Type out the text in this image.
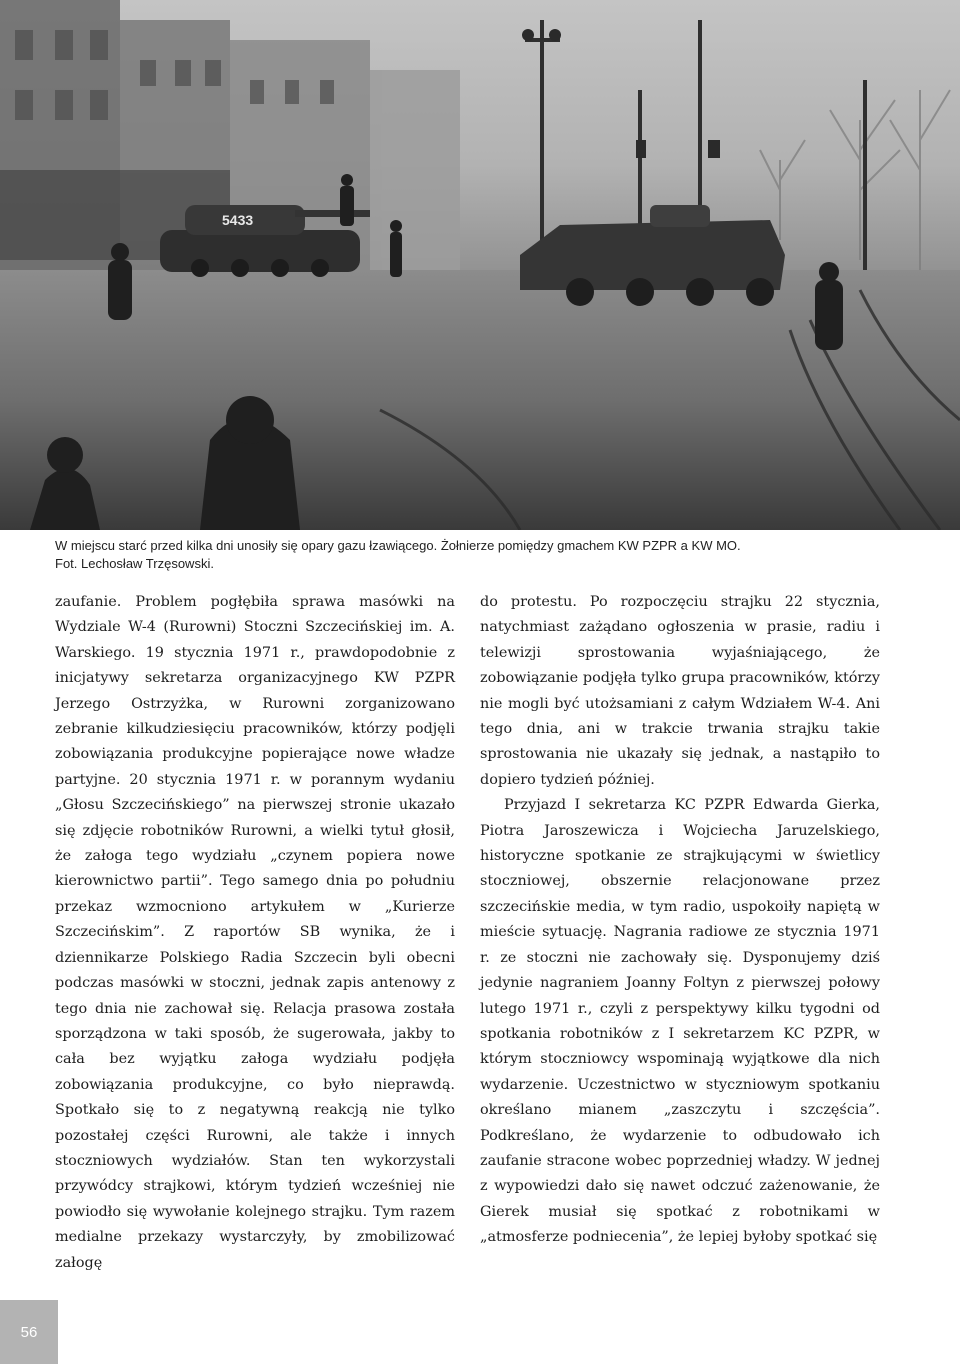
5433

W miejscu starć przed kilka dni unosiły się opary gazu łzawiącego. Żołnierze pomiędzy gmachem KW PZPR a KW MO.

Fot. Lechosław Trzęsowski.

zaufanie. Problem pogłębiła sprawa masówki na Wydziale W-4 (Rurowni) Stoczni Szczecińskiej im. A. Warskiego. 19 stycznia 1971 r., prawdopodobnie z inicjatywy sekretarza organizacyjnego KW PZPR Jerzego Ostrzyżka, w Rurowni zorganizowano zebranie kilkudziesięciu pracowników, którzy podjęli zobowiązania produkcyjne popierające nowe władze partyjne. 20 stycznia 1971 r. w porannym wydaniu „Głosu Szczecińskiego” na pierwszej stronie ukazało się zdjęcie robotników Rurowni, a wielki tytuł głosił, że załoga tego wydziału „czynem popiera nowe kierownictwo partii”. Tego samego dnia po południu przekaz wzmocniono artykułem w „Kurierze Szczecińskim”. Z raportów SB wynika, że i dziennikarze Polskiego Radia Szczecin byli obecni podczas masówki w stoczni, jednak zapis antenowy z tego dnia nie zachował się. Relacja prasowa została sporządzona w taki sposób, że sugerowała, jakby to cała bez wyjątku załoga wydziału podjęła zobowiązania produkcyjne, co było nieprawdą. Spotkało się to z negatywną reakcją nie tylko pozostałej części Rurowni, ale także i innych stoczniowych wydziałów. Stan ten wykorzystali przywódcy strajkowi, którym tydzień wcześniej nie powiodło się wywołanie kolejnego strajku. Tym razem medialne przekazy wystarczyły, by zmobilizować załogę

do protestu. Po rozpoczęciu strajku 22 stycznia, natychmiast zażądano ogłoszenia w prasie, radiu i telewizji sprostowania wyjaśniającego, że zobowiązanie podjęła tylko grupa pracowników, którzy nie mogli być utożsamiani z całym Wdziałem W-4. Ani tego dnia, ani w trakcie trwania strajku takie sprostowania nie ukazały się jednak, a nastąpiło to dopiero tydzień później.

Przyjazd I sekretarza KC PZPR Edwarda Gierka, Piotra Jaroszewicza i Wojciecha Jaruzelskiego, historyczne spotkanie ze strajkującymi w świetlicy stoczniowej, obszernie relacjonowane przez szczecińskie media, w tym radio, uspokoiły napiętą w mieście sytuację. Nagrania radiowe ze stycznia 1971 r. ze stoczni nie zachowały się. Dysponujemy dziś jedynie nagraniem Joanny Foltyn z pierwszej połowy lutego 1971 r., czyli z perspektywy kilku tygodni od spotkania robotników z I sekretarzem KC PZPR, w którym stoczniowcy wspominają wyjątkowe dla nich wydarzenie. Uczestnictwo w styczniowym spotkaniu określano mianem „zaszczytu i szczęścia”. Podkreślano, że wydarzenie to odbudowało ich zaufanie stracone wobec poprzedniej władzy. W jednej z wypowiedzi dało się nawet odczuć zażenowanie, że Gierek musiał się spotkać z robotnikami w „atmosferze podniecenia”, że lepiej byłoby spotkać się

56
